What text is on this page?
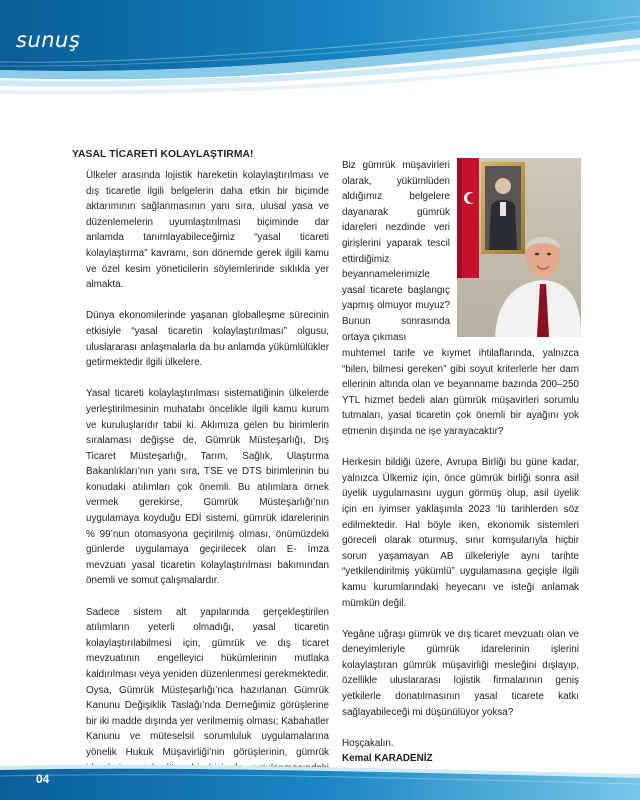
sunuş
YASAL TİCARETİ KOLAYLAŞTIRMA!

Ülkeler arasında lojistik hareketin kolaylaştırılması ve dış ticaretle ilgili belgelerin daha etkin bir biçimde aktarımının sağlanmasının yanı sıra, ulusal yasa ve düzenlemelerin uyumlaştırılması biçiminde dar anlamda tanımlayabileceğimiz “yasal ticareti kolaylaştırma” kavramı, son dönemde gerek ilgili kamu ve özel kesim yöneticilerin söylemlerinde sıklıkla yer almakta.

Dünya ekonomilerinde yaşanan globalleşme sürecinin etkisiyle “yasal ticaretin kolaylaştırılması” olgusu, uluslararası anlaşmalarla da bu anlamda yükümlülükler getirmektedir ilgili ülkelere.

Yasal ticareti kolaylaştırılması sistematiğinin ülkelerde yerleştirilmesinin muhatabı öncelikle ilgili kamu kurum ve kuruluşlarıdır tabii ki. Aklımıza gelen bu birimlerin sıralaması değişse de, Gümrük Müsteşarlığı, Dış Ticaret Müsteşarlığı, Tarım, Sağlık, Ulaştırma Bakanlıkları’nın yanı sıra, TSE ve DTS birimlerinin bu konudaki atılımları çok önemli. Bu atılımlara örnek vermek gerekirse, Gümrük Müsteşarlığı’nın uygulamaya koyduğu EDİ sistemi, gümrük idarelerinin % 99’nun otomasyona geçirilmiş olması, önümüzdeki günlerde uygulamaya geçirilecek olan E- İmza mevzuatı yasal ticaretin kolaylaştırılması bakımından önemli ve somut çalışmalardır.

Sadece sistem alt yapılarında gerçekleştirilen atılımların yeterli olmadığı, yasal ticaretin kolaylaştırılabilmesi için, gümrük ve dış ticaret mevzuatının engelleyici hükümlerinin mutlaka kaldırılması veya yeniden düzenlenmesi gerekmektedir. Oysa, Gümrük Müsteşarlığı’nca hazırlanan Gümrük Kanunu Değişiklik Taslağı’nda Derneğimiz görüşlerine bir iki madde dışında yer verilmemiş olması; Kabahatler Kanunu ve müteselsil sorumluluk uygulamalarına yönelik Hukuk Müşavirliği’nin görüşlerinin, gümrük

Biz gümrük müşavirleri olarak, yükümlüden aldığımız belgelere dayanarak gümrük idareleri nezdinde veri girişlerini yaparak tescil ettirdiğimiz beyannamelerimizle yasal ticarete başlangıç yapmış olmuyor muyuz? Bunun sonrasında ortaya çıkması

muhtemel tarife ve kıymet ihtilaflarında, yalnızca “bilen, bilmesi gereken” gibi soyut kriterlerle her dam ellerinin altında olan ve beyanname bazında 200–250 YTL hizmet bedeli alan gümrük müşavirleri sorumlu tutmaları, yasal ticaretin çok önemli bir ayağını yok etmenin dışında ne işe yarayacaktır?

Herkesin bildiği üzere, Avrupa Birliği bu güne kadar, yalnızca Ülkemiz için, önce gümrük birliği sonra asil üyelik uygulamasını uygun görmüş olup, asil üyelik için en iyimser yaklaşımla 2023 ‘lü tarihlerden söz edilmektedir. Hal böyle iken, ekonomik sistemleri göreceli olarak oturmuş, sınır komşularıyla hiçbir sorun yaşamayan AB ülkeleriyle aynı tarihte “yetkilendirilmiş yükümlü” uygulamasına geçişle ilgili kamu kurumlarındaki heyecanı ve isteği anlamak mümkün değil.

Yegâne uğraşı gümrük ve dış ticaret mevzuatı olan ve deneyimleriyle gümrük idarelerinin işlerini kolaylaştıran gümrük müşavirliği mesleğini dışlayıp, özellikle uluslararası lojistik firmalarının geniş yetkilerle donatılmasının yasal ticarete katkı sağlayabileceği mi düşünülüyor yoksa?

Hoşçakalın.

Kemal KARADENİZ

04
